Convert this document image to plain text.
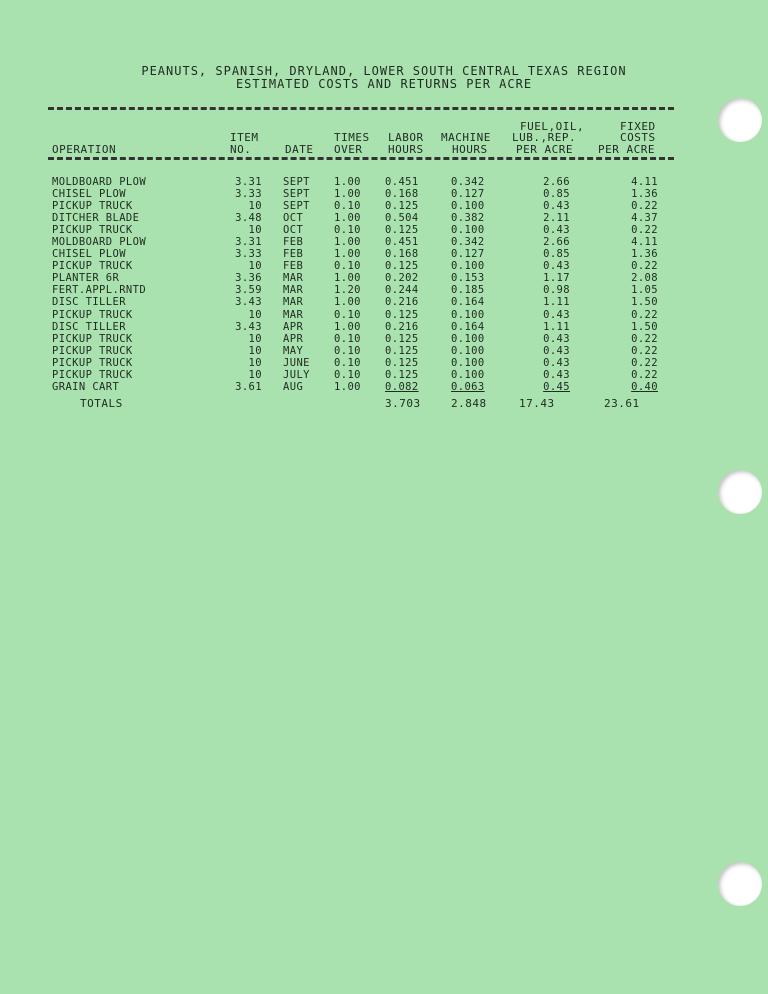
PEANUTS, SPANISH, DRYLAND, LOWER SOUTH CENTRAL TEXAS REGION
ESTIMATED COSTS AND RETURNS PER ACRE
FUEL,OIL,	FIXED
ITEM	TIMES LABOR MACHINE LUB.,REP.	COSTS
OPERATION	NO.	DATE OVER HOURS	HOURS	PER ACRE PER ACRE
MOLDBOARD PLOW	3.31 SEPT 1.00 0.451	0.342	2.66	4.11
CHISEL PLOW	3.33 SEPT 1.00 0.168	0.127	0.85	1.36
PICKUP TRUCK	10 SEPT 0.10 0.125	0.100	0.43	0.22
DITCHER BLADE	3.48 OCT	1.00 0.504	0.382	2.11	4.37
PICKUP TRUCK	10 OCT	0.10 0.125	0.100	0.43	0.22
MOLDBOARD PLOW	3.31 FEB	1.00 0.451	0.342	2.66	4.11
CHISEL PLOW	3.33 FEB	1.00 0.168	0.127	0.85	1.36
PICKUP TRUCK	10 FEB	0.10 0.125	0.100	0.43	0.22
PLANTER 6R	3.36 MAR	1.00 0.202	0.153	1.17	2.08
FERT.APPL.RNTD	3.59 MAR	1.20 0.244	0.185	0.98	1.05
DISC TILLER	3.43 MAR	1.00 0.216	0.164	1.11	1.50
PICKUP TRUCK	10 MAR	0.10 0.125	0.100	0.43	0.22
DISC TILLER	3.43 APR	1.00 0.216	0.164	1.11	1.50
PICKUP TRUCK	10 APR	0.10 0.125	0.100	0.43	0.22
PICKUP TRUCK	10 MAY	0.10 0.125	0.100	0.43	0.22
PICKUP TRUCK	10 JUNE 0.10 0.125	0.100	0.43	0.22
PICKUP TRUCK	10 JULY 0.10 0.125	0.100	0.43	0.22
GRAIN CART	3.61 AUG	1.00 0.082	0.063	0.45	0.40
TOTALS	3.703	2.848	17.43	23.61
